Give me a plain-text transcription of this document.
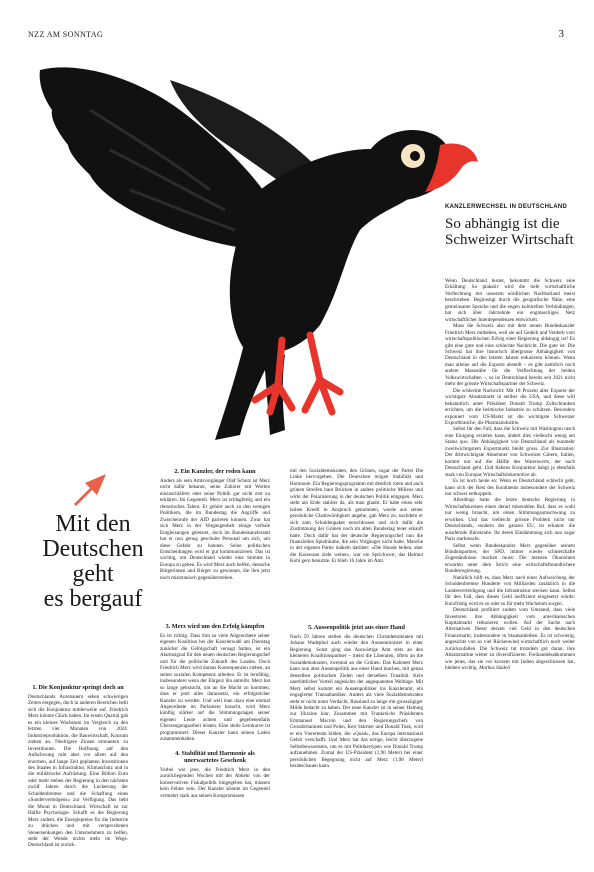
NZZ AM SONNTAG	3
KANZLERWECHSEL IN DEUTSCHLAND
So abhängig ist die Schweizer Wirtschaft

Wenn Deutschland hustet, bekommt die Schweiz eine Erkältung: So plakativ wird die tiefe wirtschaftliche Verflechtung mit unserem nördlichen Nachbarland meist beschrieben. Begünstigt durch die geografische Nähe, eine gemeinsame Sprache und die engen kulturellen Verbindungen, hat sich über Jahrzehnte ein engmaschiges Netz wirtschaftlicher Interdependenzen entwickelt.

Muss die Schweiz also mit dem neuen Bundeskanzler Friedrich Merz mitbeben, weil sie auf Gedeih und Verderb vom wirtschaftspolitischen Erfolg einer Regierung abhängig ist? Es gibt eine gute und eine schlechte Nachricht. Die gute ist: Die Schweiz hat ihre historisch übergrosse Abhängigkeit von Deutschland in den letzten Jahren reduzieren können. Wenn man alleine auf die Exporte abstellt – es gibt natürlich noch andere Massstäbe für die Verflechtung der beiden Volkswirtschaften –, so ist Deutschland bereits seit 2021 nicht mehr der grösste Wirtschaftspartner der Schweiz.

Die schlechte Nachricht: Mit 18 Prozent aller Exporte der wichtigste Absatzmarkt in seither die USA, und diese will bekanntlich unter Präsident Donald Trump Zollschranken errichten, um die heimische Industrie zu schützen. Besonders exponiert vom US-Markt ist die wichtigste Schweizer Exportbranche, die Pharmaindustrie.

Selbst für den Fall, dass die Schweiz mit Washington rasch eine Einigung erzielen kann, ändert dies vielleicht wenig am Status quo. Die Abhängigkeit von Deutschland als nunmehr zweitwichtigstem Exportmarkt bleibt gross. Zur Illustration: Der drittwichtigste Abnehmer von Schweizer Gütern, Italien, kommt nur auf die Hälfte des Warenwerts, der nach Deutschland geht. Und Italiens Konjunktur hängt ja ebenfalls stark von Europas Wirtschaftslokomotive ab.

Es ist noch heute so: Wenn es Deutschland schlecht geht, kann sich der Rest des Kontinents insbesondere der Schweiz nur schwer entkoppeln.

Allerdings hatte die letzte deutsche Regierung in Wirtschaftskreisen einen derart miserablen Ruf, dass es wohl nur wenig braucht, um einen Stimmungsumschwung zu erwirken. Und das vielleicht grösste Problem nicht nur Deutschlands, sondern der ganzen EU, ist erkannt: die ausufernde Bürokratie. Ihr deren Eindämmung sich nun sogar Paris starkmacht.

Selbst wenn Bundeskanzler Merz gegenüber seinem Bündnispartner, der SPD, immer wieder schmerzhafte Zugeständnisse machen muss: Die meisten Ökonomen erwarten unter dem Strich eine wirtschaftsfreundlichere Bundesregierung.

Natürlich hilft es, dass Merz nach einer Aufweichung der Schuldenbremse Hunderte von Milliarden zusätzlich in die Landesverteidigung und die Infrastruktur stecken kann. Selbst für den Fall, dass dieses Geld ineffizient eingesetzt würde: Kurzfristig wird es so oder so für mehr Wachstum sorgen.

Deutschland profitiert zudem vom Umstand, dass viele Investoren ihre Abhängigkeit vom amerikanischen Kapitalmarkt reduzieren wollen. Auf der Suche nach Alternativen fliesst derzeit viel Geld in den deutschen Finanzmarkt, insbesondere in Staatsanleihen. Es ist schwierig, angesichts von so viel Rückenwind wirtschaftlich noch weiter zurückzufallen. Die Schweiz tut trotzdem gut daran, ihre Absatzmärkte weiter zu diversifizieren. Freihandelsabkommen wie jenes, das sie vor kurzem mit Indien abgeschlossen hat, bleiben wichtig. Markus Städeli

Mit den
Deutschen
geht
es bergauf
1. Die Konjunktur springt doch an
Deutschlands Autobauern sehen schwierigen Zeiten entgegen, doch in anderen Bereichen hellt sich die Konjunktur mittlerweile auf. Friedrich Merz könnte Glück haben. Im ersten Quartal gab es ein kleines Wachstum im Vergleich zu den letzten vier Monaten von 2024. Industrieproduktion, die Bauwirtschaft, Konsum ziehen an. Niedrigere Zinsen ermuntern zu Investitionen. Die Hoffnung auf den Aufschwung ruht aber vor allem auf den enormen, auf lange Zeit geplanten Investitionen des Staates in Infrastruktur, Klimaschutz und in die militärische Aufrüstung. Eine Billion Euro oder mehr stehen der Regierung in den nächsten zwölf Jahren durch die Lockerung der Schuldenbremse und die Schaffung eines «Sondervermögens» zur Verfügung. Das hebt die Moral in Deutschland. Wirtschaft ist zur Hälfte Psychologie. Schafft es die Regierung Merz zudem, die Energiepreise für die Industrie zu drücken und mit versprochenen Steuersenkungen den Unternehmern zu helfen, steht der Wende nichts mehr im Wege. Deutschland ist zurück.
2. Ein Kanzler, der reden kann
Anders als sein Amtsvorgänger Olaf Scholz ist Merz nicht dafür bekannt, seine Zuhörer mit Worten einzuschläfern oder seine Politik gar nicht erst zu erklären. Im Gegenteil. Merz ist schlagfertig und ein rhetorisches Talent. Er gehört auch zu den wenigen Politikern, die im Bundestag die Angriffe und Zwischenrufe der AfD parieren können. Zwar hat sich Merz in der Vergangenheit einige verbale Entgleisungen geleistet, doch im Bundeskanzleramt hat er nun genug geschulte Personal um sich, um diese Gefahr zu bannen. Seine politischen Entscheidungen wird er gut kommunizieren. Das ist wichtig, um Deutschland wieder eine Stimme in Europa zu geben. Es wird Merz auch helfen, deutsche Bürgerinnen und Bürger zu gewinnen, die ihm jetzt noch misstrauisch gegenüberstehen.
3. Merz wird um den Erfolg kämpfen
Es ist richtig: Dass ihm so viele Abgeordnete seiner eigenen Koalition bei der Kanzlerwahl am Dienstag zunächst die Gefolgschaft versagt hatten, ist ein Alarmsignal für den neuen deutschen Regierungschef und für die politische Zukunft des Landes. Doch Friedrich Merz wird daraus Konsequenzen ziehen, an seiner sozialen Kompetenz arbeiten. Er ist lernfähig, insbesondere wenn der Ehrgeiz ihn antreibt. Merz hat so lange gebraucht, um an die Macht zu kommen, dass er jetzt alles daransetzt, ein erfolgreicher Kanzler zu werden. Und weil man dazu eine einmal Abgeordnete im Parlament braucht, wird Merz künftig stärker auf die Stimmungslagen seiner eigenen Leute achten und gegebenenfalls Überzeugungsarbeit leisten. Eine steile Lernkurve ist programmiert. Dieser Kanzler kann seinen Laden zusammenhalten.
4. Stabilität und Harmonie als unerwartetes Geschenk
Vorbei wie jene, die Friedrich Merz in den zurückliegenden Wochen mit der Abkehr von der konservativen Fiskalpolitik hingegeben hat, müssen kein Fehler sein. Der Kanzler könnte im Gegenteil vermehrt stark aus seinen Kompromissen
mit den Sozialdemokraten, den Grünen, sogar der Partei Die Linke hervorgehen. Die Deutschen mögen Stabilität und Harmonie. Ein Regierungsprogramm mit deutlich roten und auch grünen Streifen baut Brücken in andere politische Milieus und wirkt der Polarisierung in der deutschen Politik entgegen. Merz steht am Ende stabiler da, als man glaubt. Er habe einen sehr hohen Kredit in Anspruch genommen, wurde aus seiner persönliche Glaubwürdigkeit angehe, gab Merz zu, nachdem er sich zum Schuldenpaket entschlossen und sich dafür die Zustimmung der Grünen noch im alten Bundestag teuer erkauft hatte. Doch dafür hat der deutsche Regierungschef nun die finanziellen Spielräume, die sein Vorgänger nicht hatte. Manche in der eigenen Partei mäkeln darüber: «Die Hunde bellen, aber die Karawane zieht weiter», war ein Sprichwort, das Helmut Kohl gern benutzte. Er blieb 16 Jahre im Amt.
5. Aussenpolitik jetzt aus einer Hand
Nach 59 Jahren stellen die deutschen Christdemokraten mit Johann Wadephul auch wieder den Aussenminister in einer Regierung. Sonst ging das Auswärtige Amt stets an den kleineren Koalitionspartner – meist die Liberalen, öfters an die Sozialdemokraten, zweimal an die Grünen. Das Kabinett Merz kann nun aber Aussenpolitik aus einer Hand machen, mit genau denselben politischen Zielen und derselben Tonalität. Kein unerbittlicher Vorteil angesichts der angespannten Weltlage. Mit Merz selbst kommt ein Aussenpolitiker ins Kanzleramt, ein engagierter Transatlantiker. Anders als viele Sozialdemokraten steht er nicht unter Verdacht, Russland zu lange mit grosszügiger Milde bedacht zu haben. Der neue Kanzler ist in seiner Haltung zur Ukraine klar. Zusammen mit Frankreichs Präsidenten Emmanuel Macron und den Regierungschefs von Grossbritannien und Polen, Keir Starmer und Donald Tusk, wird er ein Viererteam bilden, die «Quad», das Europa international Gehör verschafft. Und Merz hat das nötige, leicht überzogene Selbstbewusstsein, um es mit Politikertypen wie Donald Trump aufzunehmen. Zumal der US-Präsident (1,90 Meter) bei einer persönlichen Begegnung nicht auf Merz (1,98 Meter) herabschauen kann.
